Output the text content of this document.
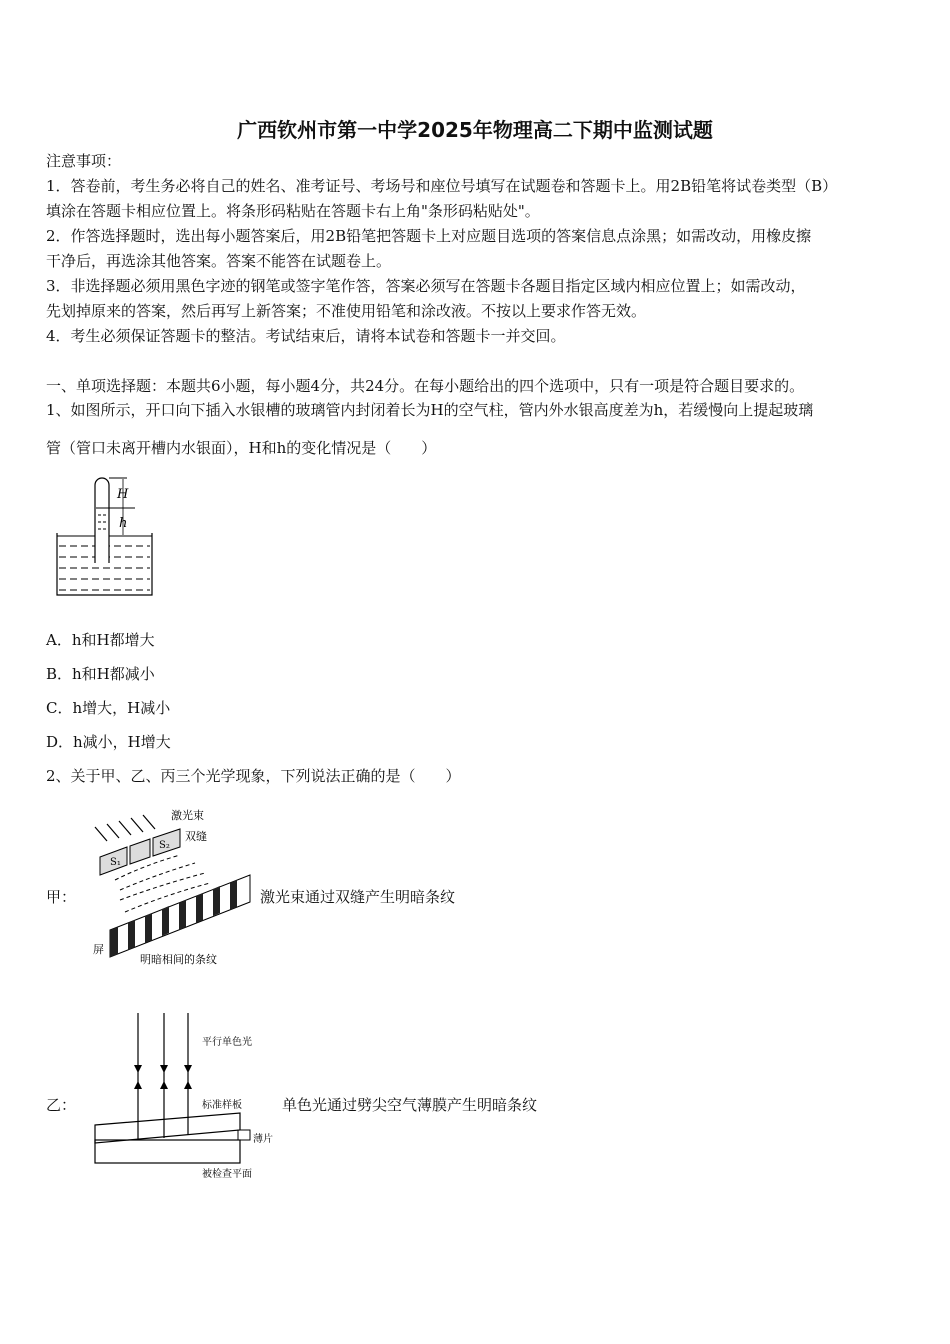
广西钦州市第一中学2025年物理高二下期中监测试题
注意事项：
1．答卷前，考生务必将自己的姓名、准考证号、考场号和座位号填写在试题卷和答题卡上。用2B铅笔将试卷类型（B）
填涂在答题卡相应位置上。将条形码粘贴在答题卡右上角"条形码粘贴处"。
2．作答选择题时，选出每小题答案后，用2B铅笔把答题卡上对应题目选项的答案信息点涂黑；如需改动，用橡皮擦
干净后，再选涂其他答案。答案不能答在试题卷上。
3．非选择题必须用黑色字迹的钢笔或签字笔作答，答案必须写在答题卡各题目指定区域内相应位置上；如需改动，
先划掉原来的答案，然后再写上新答案；不准使用铅笔和涂改液。不按以上要求作答无效。
4．考生必须保证答题卡的整洁。考试结束后，请将本试卷和答题卡一并交回。
一、单项选择题：本题共6小题，每小题4分，共24分。在每小题给出的四个选项中，只有一项是符合题目要求的。
1、如图所示，开口向下插入水银槽的玻璃管内封闭着长为H的空气柱，管内外水银高度差为h，若缓慢向上提起玻璃
管（管口未离开槽内水银面），H和h的变化情况是（　　）
H
h
A．h和H都增大
B．h和H都减小
C．h增大，H减小
D．h减小，H增大
2、关于甲、乙、丙三个光学现象，下列说法正确的是（　　）
甲：
S₁
S₂
激光束
双缝
屏
明暗相间的条纹
激光束通过双缝产生明暗条纹
乙：
平行单色光
标准样板
薄片
被检查平面
单色光通过劈尖空气薄膜产生明暗条纹
